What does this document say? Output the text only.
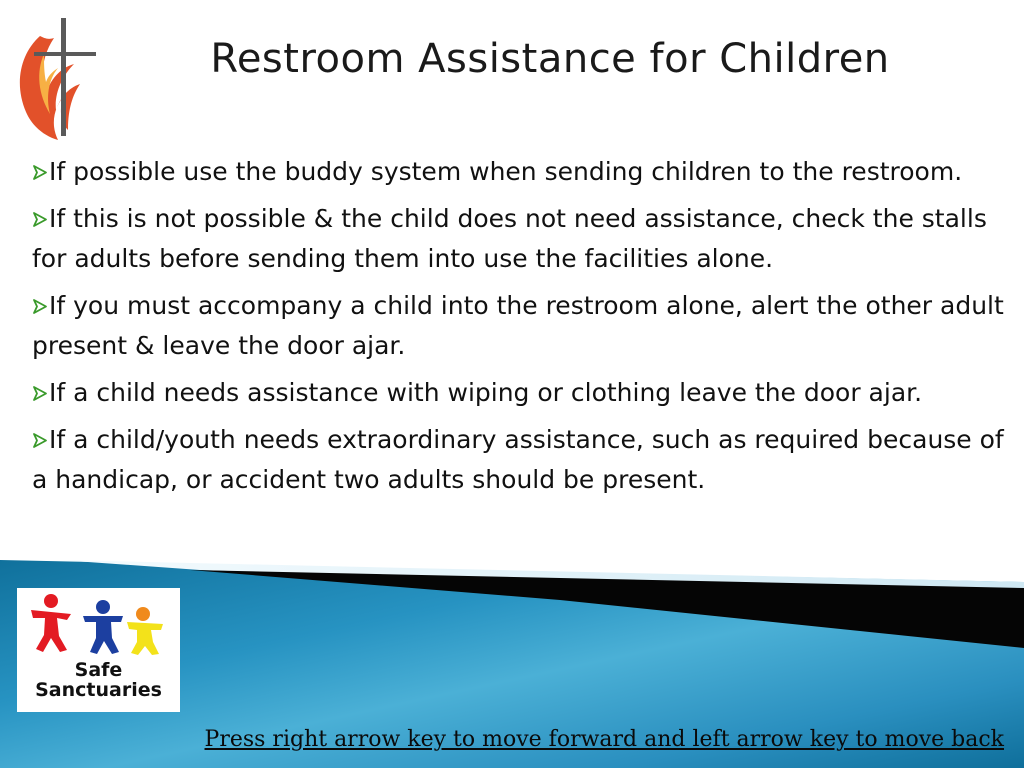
Restroom Assistance for Children
If possible use the buddy system when sending children to the restroom.
If this is not possible & the child does not need assistance, check the stalls for adults before sending them into use the facilities alone.
If you must accompany a child into the restroom alone, alert the other adult present & leave the door ajar.
If a child needs assistance with wiping or clothing leave the door ajar.
If a child/youth needs extraordinary assistance, such as required because of a handicap, or accident two adults should be present.
Safe
Sanctuaries
Press right arrow key to move forward and left arrow key to move back
